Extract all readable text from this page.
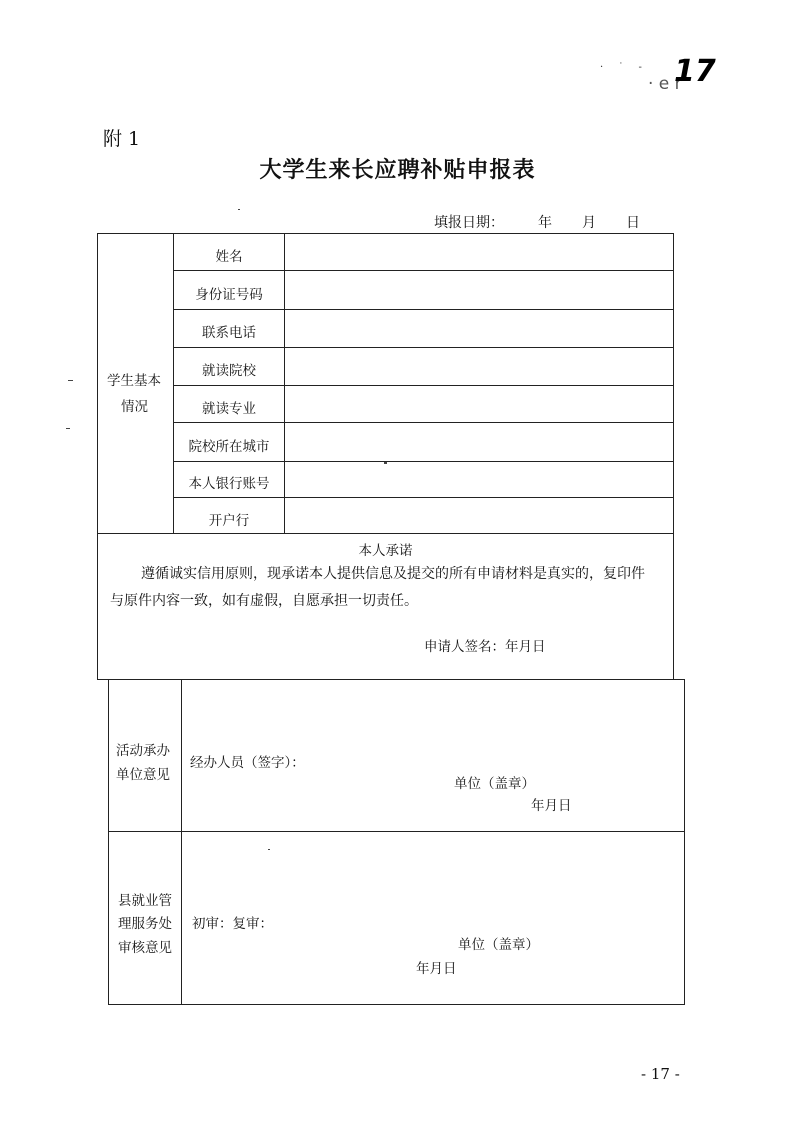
· ˙ -
· e r
17
附 1
大学生来长应聘补贴申报表
填报日期： 年 月 日
学生基本
情况
姓名
身份证号码
联系电话
就读院校
就读专业
院校所在城市
本人银行账号
开户行
本人承诺
遵循诚实信用原则，现承诺本人提供信息及提交的所有申请材料是真实的，复印件
与原件内容一致，如有虚假，自愿承担一切责任。
申请人签名：年月日
活动承办
单位意见
经办人员（签字）：
单位（盖章）
年月日
县就业管
理服务处
审核意见
初审：复审：
单位（盖章）
年月日
- 17 -
